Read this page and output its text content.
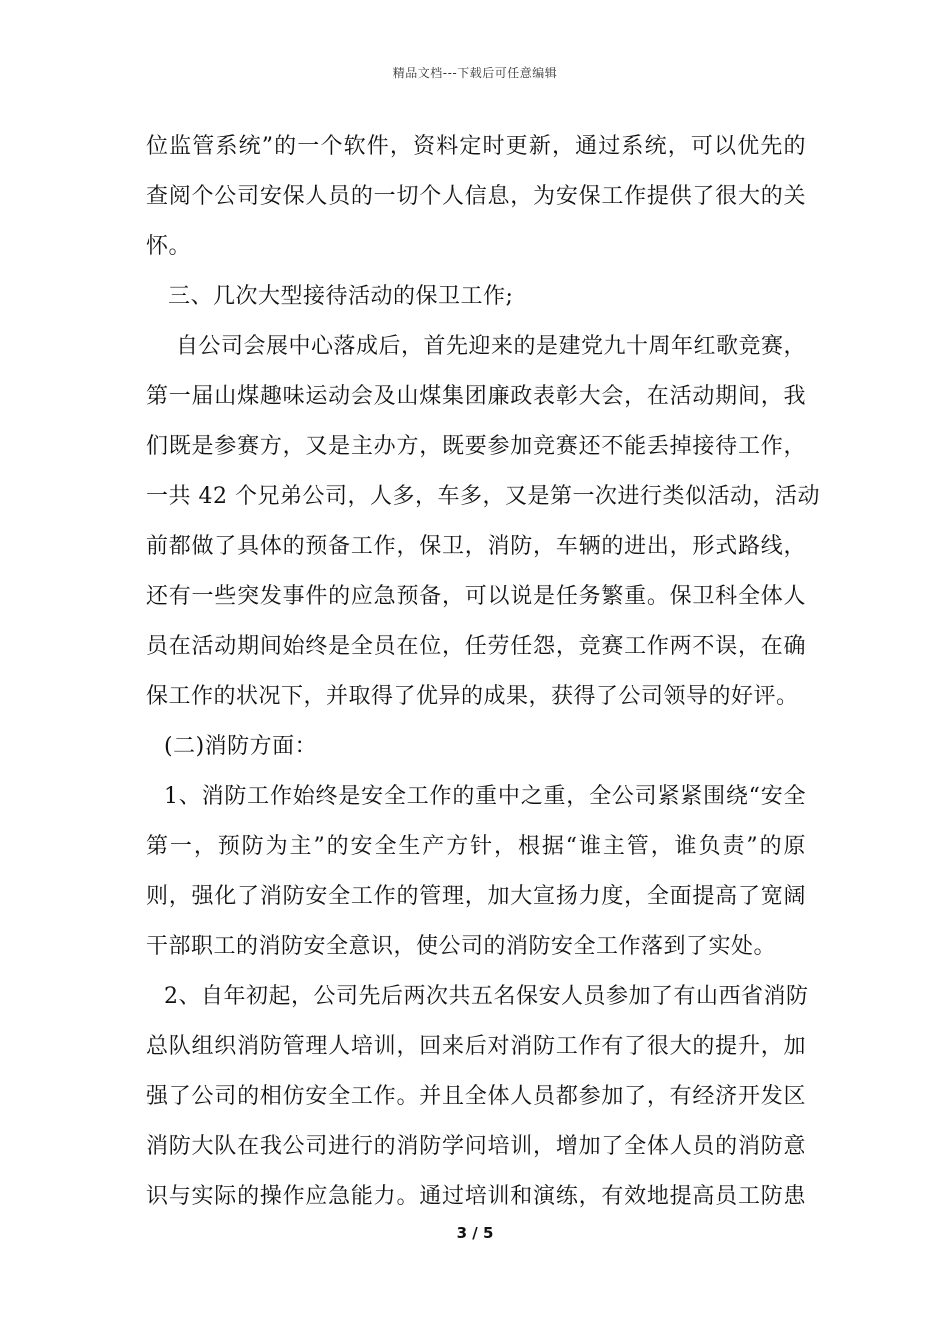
精品文档---下载后可任意编辑
位监管系统”的一个软件，资料定时更新，通过系统，可以优先的
查阅个公司安保人员的一切个人信息，为安保工作提供了很大的关
怀。
三、几次大型接待活动的保卫工作;
自公司会展中心落成后，首先迎来的是建党九十周年红歌竞赛，
第一届山煤趣味运动会及山煤集团廉政表彰大会，在活动期间，我
们既是参赛方，又是主办方，既要参加竞赛还不能丢掉接待工作，
一共 42 个兄弟公司，人多，车多，又是第一次进行类似活动，活动
前都做了具体的预备工作，保卫，消防，车辆的进出，形式路线，
还有一些突发事件的应急预备，可以说是任务繁重。保卫科全体人
员在活动期间始终是全员在位，任劳任怨，竞赛工作两不误，在确
保工作的状况下，并取得了优异的成果，获得了公司领导的好评。
(二)消防方面：
1、消防工作始终是安全工作的重中之重，全公司紧紧围绕“安全
第一，预防为主”的安全生产方针，根据“谁主管，谁负责”的原
则，强化了消防安全工作的管理，加大宣扬力度，全面提高了宽阔
干部职工的消防安全意识，使公司的消防安全工作落到了实处。
2、自年初起，公司先后两次共五名保安人员参加了有山西省消防
总队组织消防管理人培训，回来后对消防工作有了很大的提升，加
强了公司的相仿安全工作。并且全体人员都参加了，有经济开发区
消防大队在我公司进行的消防学问培训，增加了全体人员的消防意
识与实际的操作应急能力。通过培训和演练，有效地提高员工防患
3 / 5
